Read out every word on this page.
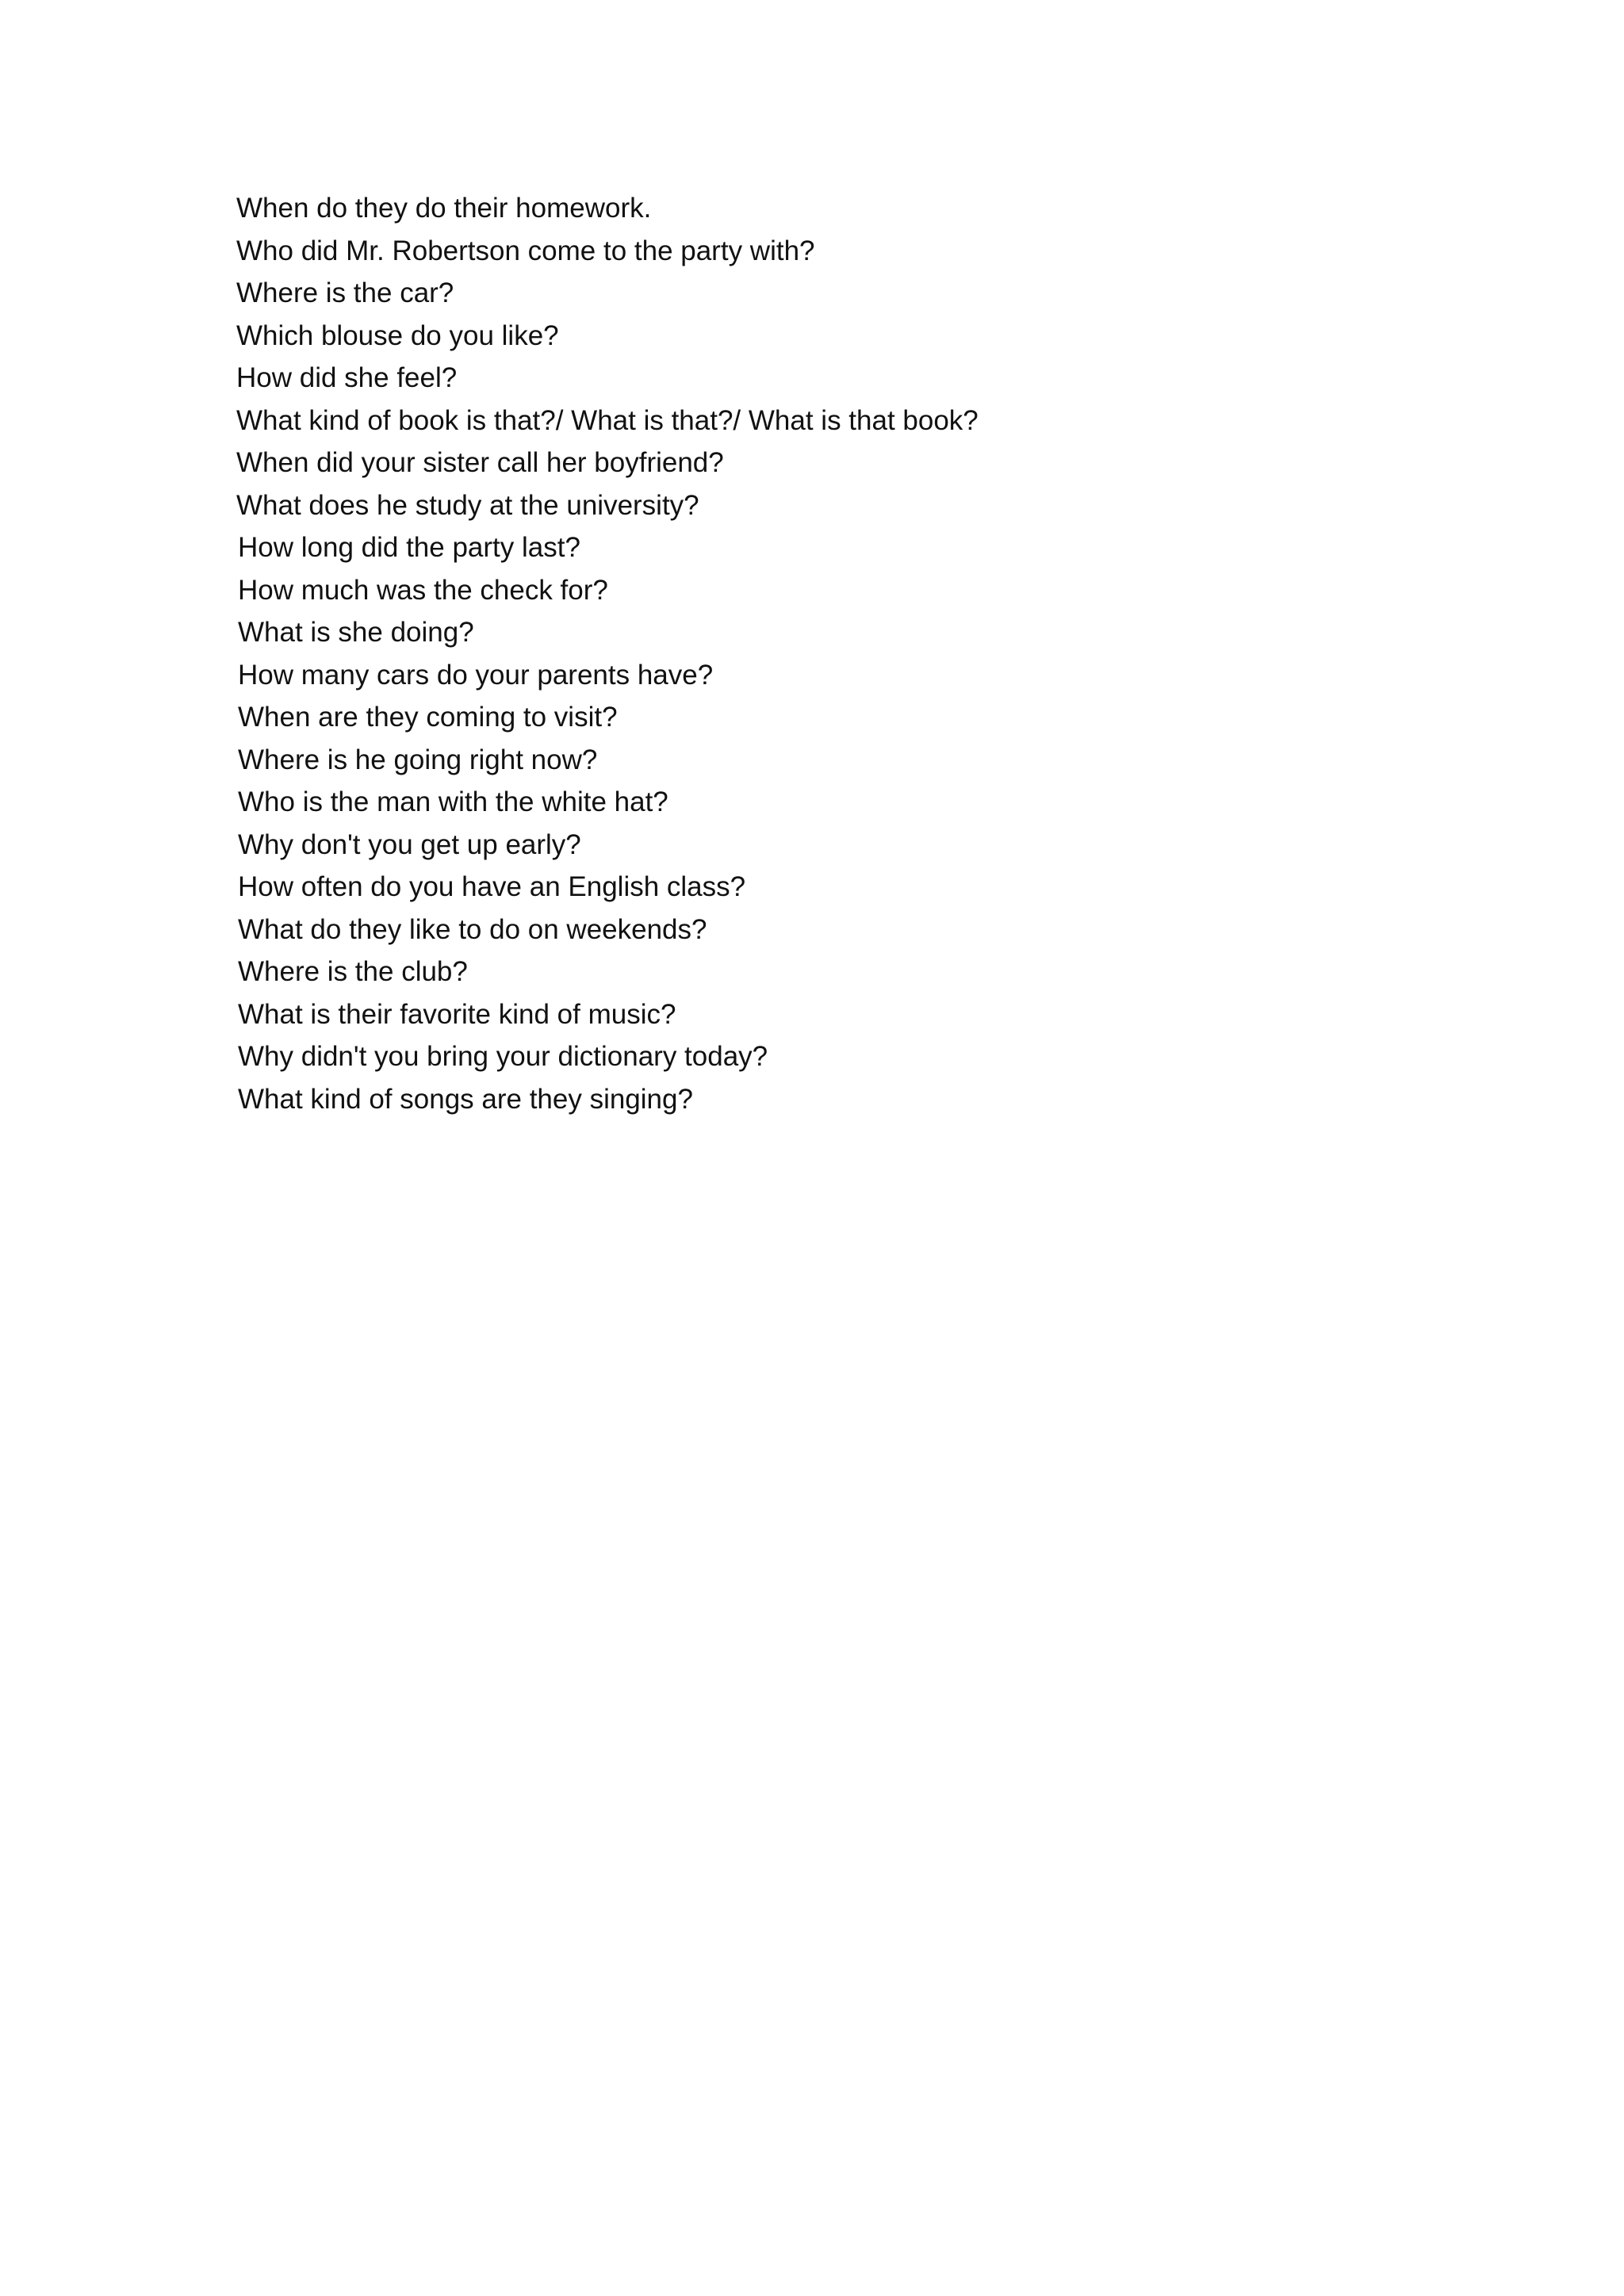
When do they do their homework.
Who did Mr. Robertson come to the party with?
Where is the car?
Which blouse do you like?
How did she feel?
What kind of book is that?/ What is that?/ What is that book?
When did your sister call her boyfriend?
What does he study at the university?
How long did the party last?
How much was the check for?
What is she doing?
How many cars do your parents have?
When are they coming to visit?
Where is he going right now?
Who is the man with the white hat?
Why don't you get up early?
How often do you have an English class?
What do they like to do on weekends?
Where is the club?
What is their favorite kind of music?
Why didn't you bring your dictionary today?
What kind of songs are they singing?
